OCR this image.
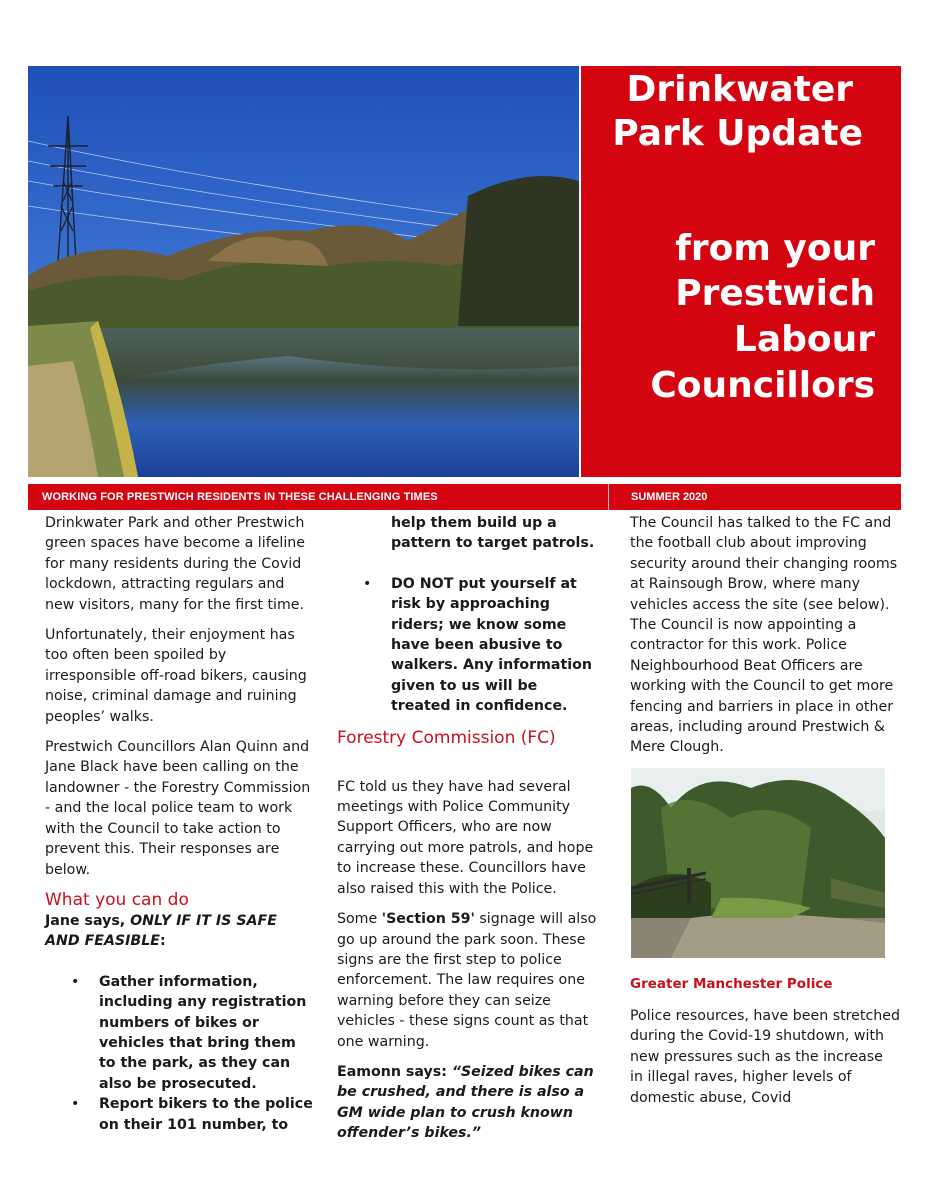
Drinkwater
Park Update
from your
Prestwich
Labour
Councillors
WORKING FOR PRESTWICH RESIDENTS IN THESE CHALLENGING TIMES	SUMMER 2020

Drinkwater Park and other Prestwich green spaces have become a lifeline for many residents during the Covid lockdown, attracting regulars and new visitors, many for the first time.

Unfortunately, their enjoyment has too often been spoiled by irresponsible off-road bikers, causing noise, criminal damage and ruining peoples’ walks.

Prestwich Councillors Alan Quinn and Jane Black have been calling on the landowner - the Forestry Commission - and the local police team to work with the Council to take action to prevent this. Their responses are below.

What you can do

Jane says, ONLY IF IT IS SAFE AND FEASIBLE:

• Gather information, including any registration numbers of bikes or vehicles that bring them to the park, as they can also be prosecuted.
• Report bikers to the police on their 101 number, to

help them build up a pattern to target patrols.

• DO NOT put yourself at risk by approaching riders; we know some have been abusive to walkers. Any information given to us will be treated in confidence.
Forestry Commission (FC)

FC told us they have had several meetings with Police Community Support Officers, who are now carrying out more patrols, and hope to increase these. Councillors have also raised this with the Police.

Some 'Section 59' signage will also go up around the park soon. These signs are the first step to police enforcement. The law requires one warning before they can seize vehicles - these signs count as that one warning.

Eamonn says: “Seized bikes can be crushed, and there is also a GM wide plan to crush known offender’s bikes.”

The Council has talked to the FC and the football club about improving security around their changing rooms at Rainsough Brow, where many vehicles access the site (see below). The Council is now appointing a contractor for this work. Police Neighbourhood Beat Officers are working with the Council to get more fencing and barriers in place in other areas, including around Prestwich & Mere Clough.

Greater Manchester Police

Police resources, have been stretched during the Covid-19 shutdown, with new pressures such as the increase in illegal raves, higher levels of domestic abuse, Covid
